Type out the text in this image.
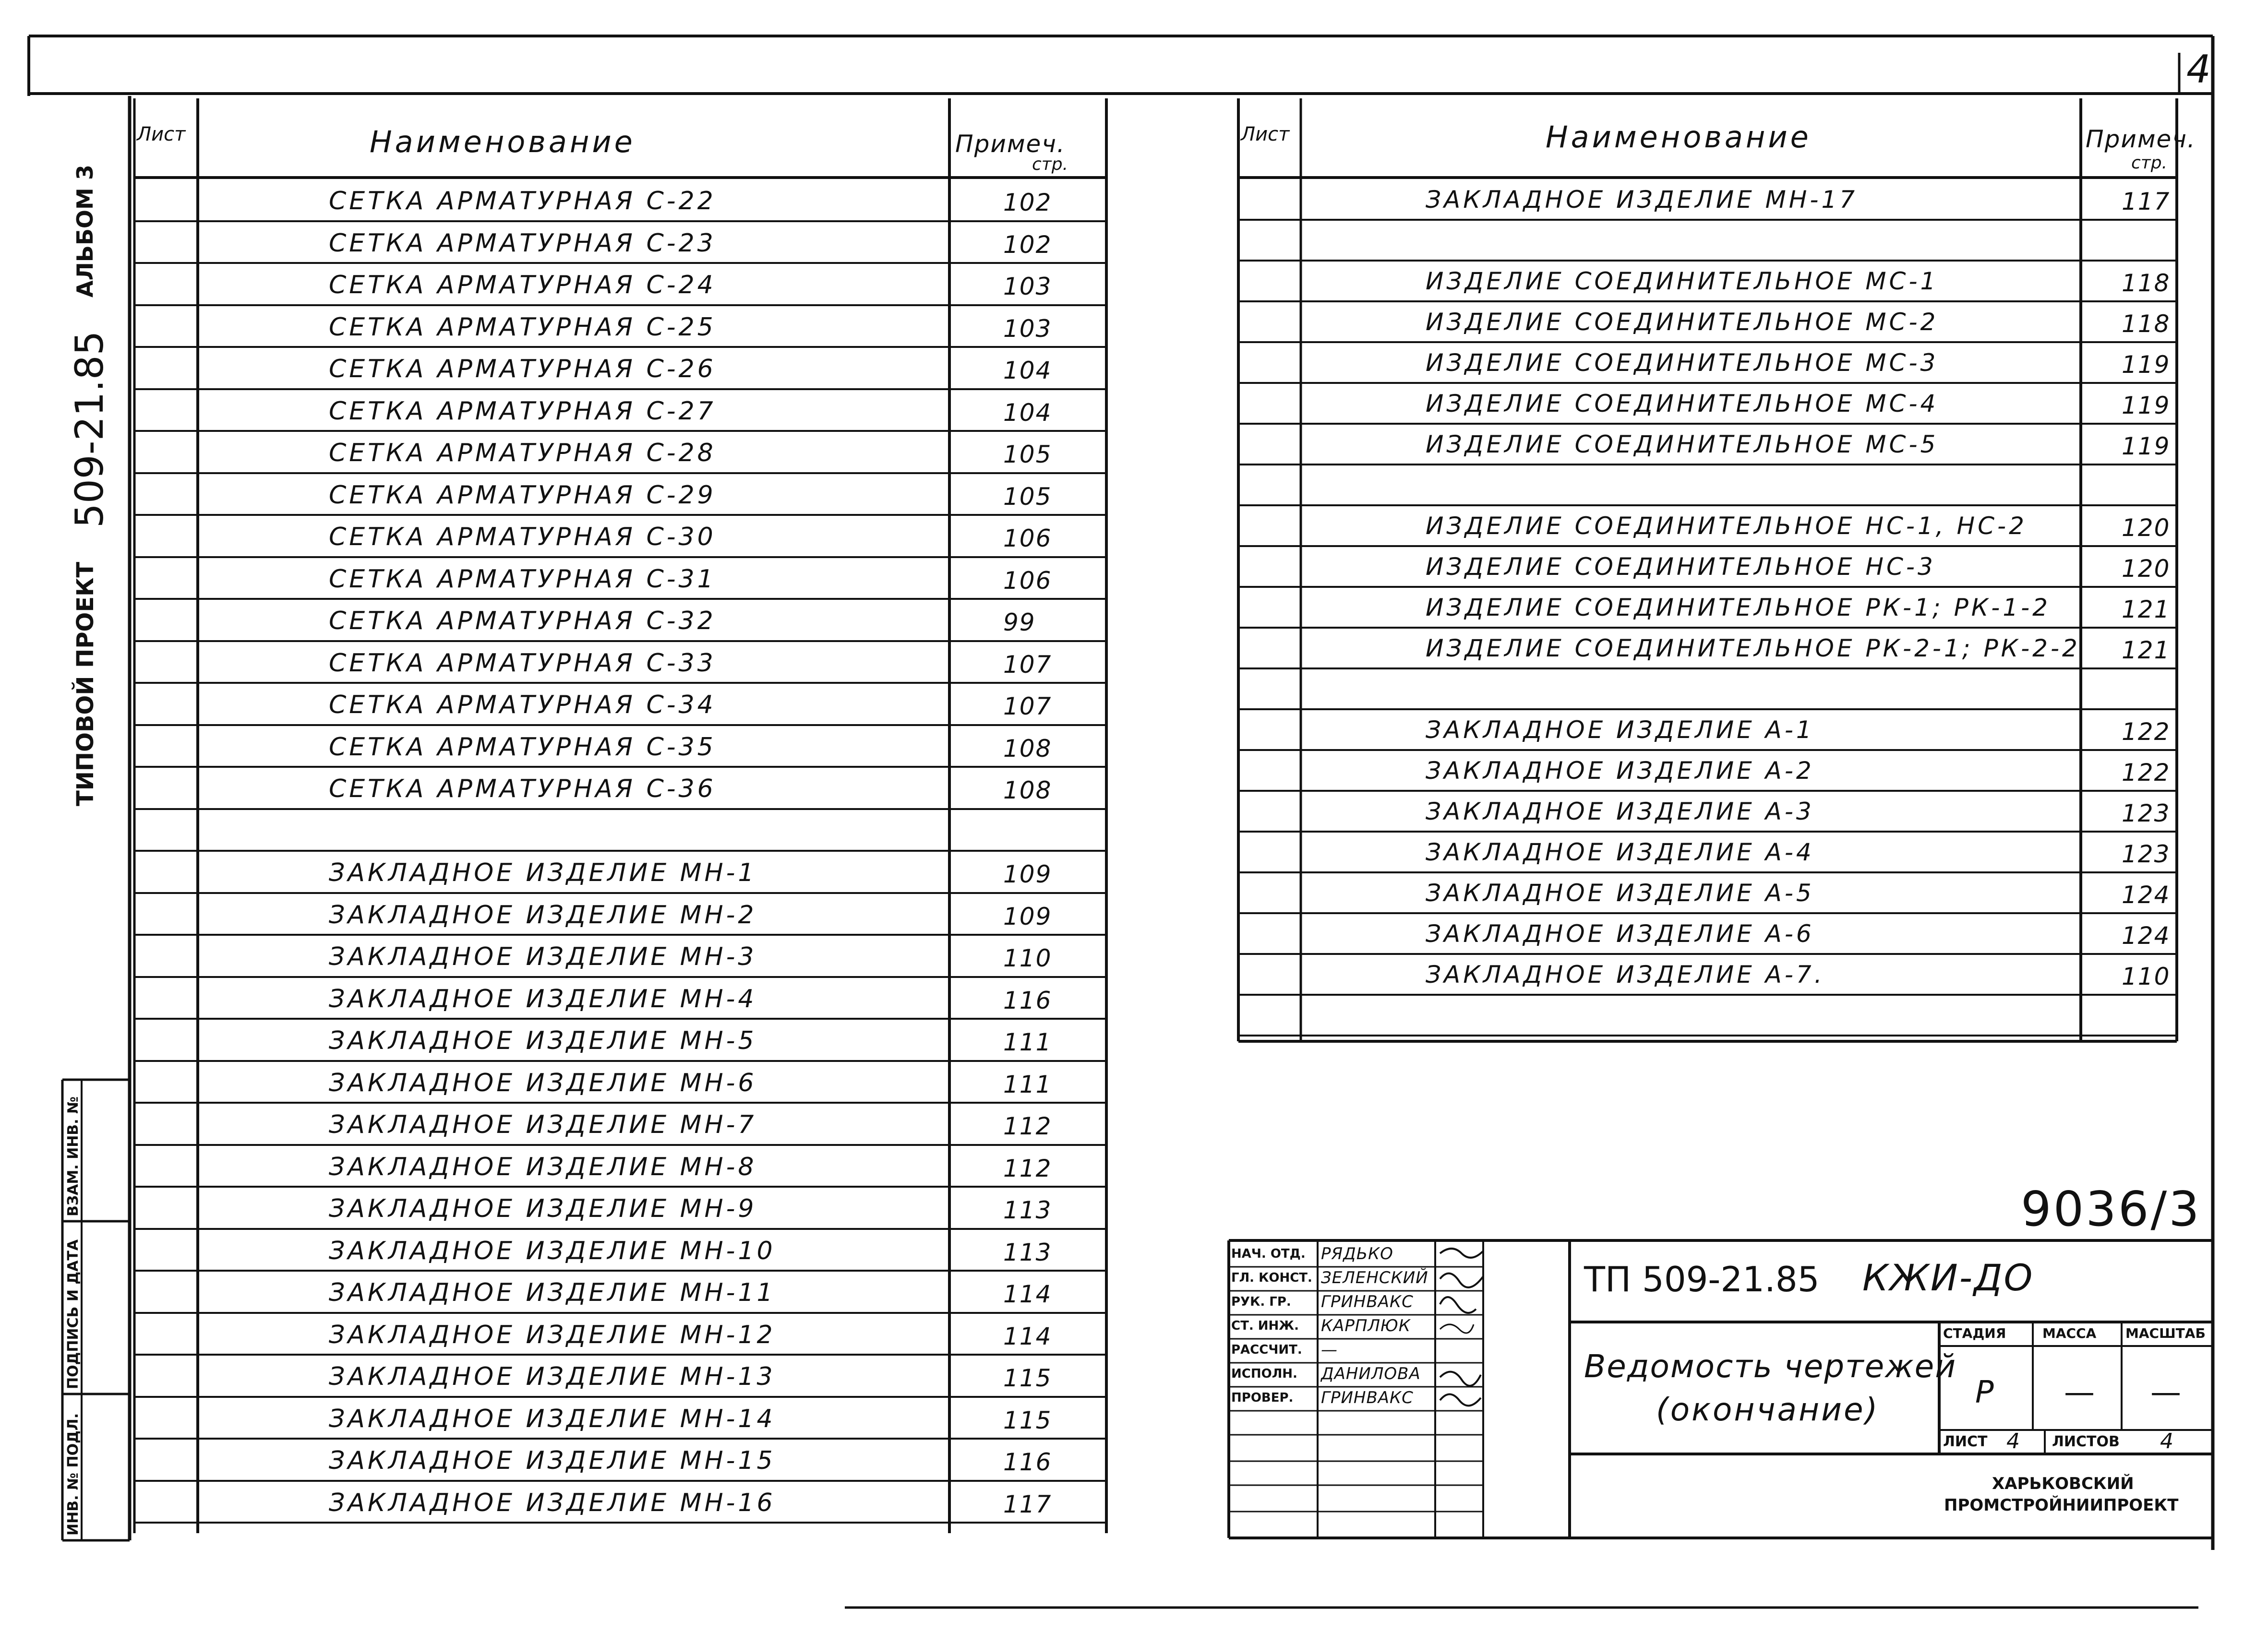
4
ТИПОВОЙ ПРОЕКТ
509-21.85
АЛЬБОМ 3
ИНВ. № ПОДЛ.
ПОДПИСЬ И ДАТА
ВЗАМ. ИНВ. №
Лист	Наименование	Примеч.
стр.
Лист	Наименование	Примеч.
стр.
СЕТКА АРМАТУРНАЯ С-22	102
СЕТКА АРМАТУРНАЯ С-23	102
СЕТКА АРМАТУРНАЯ С-24	103
СЕТКА АРМАТУРНАЯ С-25	103
СЕТКА АРМАТУРНАЯ С-26	104
СЕТКА АРМАТУРНАЯ С-27	104
СЕТКА АРМАТУРНАЯ С-28	105
СЕТКА АРМАТУРНАЯ С-29	105
СЕТКА АРМАТУРНАЯ С-30	106
СЕТКА АРМАТУРНАЯ С-31	106
СЕТКА АРМАТУРНАЯ С-32	99
СЕТКА АРМАТУРНАЯ С-33	107
СЕТКА АРМАТУРНАЯ С-34	107
СЕТКА АРМАТУРНАЯ С-35	108
СЕТКА АРМАТУРНАЯ С-36	108
ЗАКЛАДНОЕ ИЗДЕЛИЕ МН-1	109
ЗАКЛАДНОЕ ИЗДЕЛИЕ МН-2	109
ЗАКЛАДНОЕ ИЗДЕЛИЕ МН-3	110
ЗАКЛАДНОЕ ИЗДЕЛИЕ МН-4	116
ЗАКЛАДНОЕ ИЗДЕЛИЕ МН-5	111
ЗАКЛАДНОЕ ИЗДЕЛИЕ МН-6	111
ЗАКЛАДНОЕ ИЗДЕЛИЕ МН-7	112
ЗАКЛАДНОЕ ИЗДЕЛИЕ МН-8	112
ЗАКЛАДНОЕ ИЗДЕЛИЕ МН-9	113
ЗАКЛАДНОЕ ИЗДЕЛИЕ МН-10	113
ЗАКЛАДНОЕ ИЗДЕЛИЕ МН-11	114
ЗАКЛАДНОЕ ИЗДЕЛИЕ МН-12	114
ЗАКЛАДНОЕ ИЗДЕЛИЕ МН-13	115
ЗАКЛАДНОЕ ИЗДЕЛИЕ МН-14	115
ЗАКЛАДНОЕ ИЗДЕЛИЕ МН-15	116
ЗАКЛАДНОЕ ИЗДЕЛИЕ МН-16	117
ЗАКЛАДНОЕ ИЗДЕЛИЕ МН-17	117
ИЗДЕЛИЕ СОЕДИНИТЕЛЬНОЕ МС-1	118
ИЗДЕЛИЕ СОЕДИНИТЕЛЬНОЕ МС-2	118
ИЗДЕЛИЕ СОЕДИНИТЕЛЬНОЕ МС-3	119
ИЗДЕЛИЕ СОЕДИНИТЕЛЬНОЕ МС-4	119
ИЗДЕЛИЕ СОЕДИНИТЕЛЬНОЕ МС-5	119
ИЗДЕЛИЕ СОЕДИНИТЕЛЬНОЕ НС-1, НС-2	120
ИЗДЕЛИЕ СОЕДИНИТЕЛЬНОЕ НС-3	120
ИЗДЕЛИЕ СОЕДИНИТЕЛЬНОЕ РК-1; РК-1-2	121
ИЗДЕЛИЕ СОЕДИНИТЕЛЬНОЕ РК-2-1; РК-2-2 121
ЗАКЛАДНОЕ ИЗДЕЛИЕ А-1	122
ЗАКЛАДНОЕ ИЗДЕЛИЕ А-2	122
ЗАКЛАДНОЕ ИЗДЕЛИЕ А-3	123
ЗАКЛАДНОЕ ИЗДЕЛИЕ А-4	123
ЗАКЛАДНОЕ ИЗДЕЛИЕ А-5	124
ЗАКЛАДНОЕ ИЗДЕЛИЕ А-6	124
ЗАКЛАДНОЕ ИЗДЕЛИЕ А-7.	110
9036/3
НАЧ. ОТД. РЯДЬКО
ГЛ. КОНСТ. ЗЕЛЕНСКИЙ
РУК. ГР. ГРИНВАКС
СТ. ИНЖ. КАРПЛЮК
РАССЧИТ. —
ИСПОЛН. ДАНИЛОВА
ПРОВЕР. ГРИНВАКС
ТП 509-21.85 КЖИ-ДО
Ведомость чертежей
(окончание)
СТАДИЯ	МАССА МАСШТАБ
Р — —
ЛИСТ 4 ЛИСТОВ 4
ХАРЬКОВСКИЙ
ПРОМСТРОЙНИИПРОЕКТ
